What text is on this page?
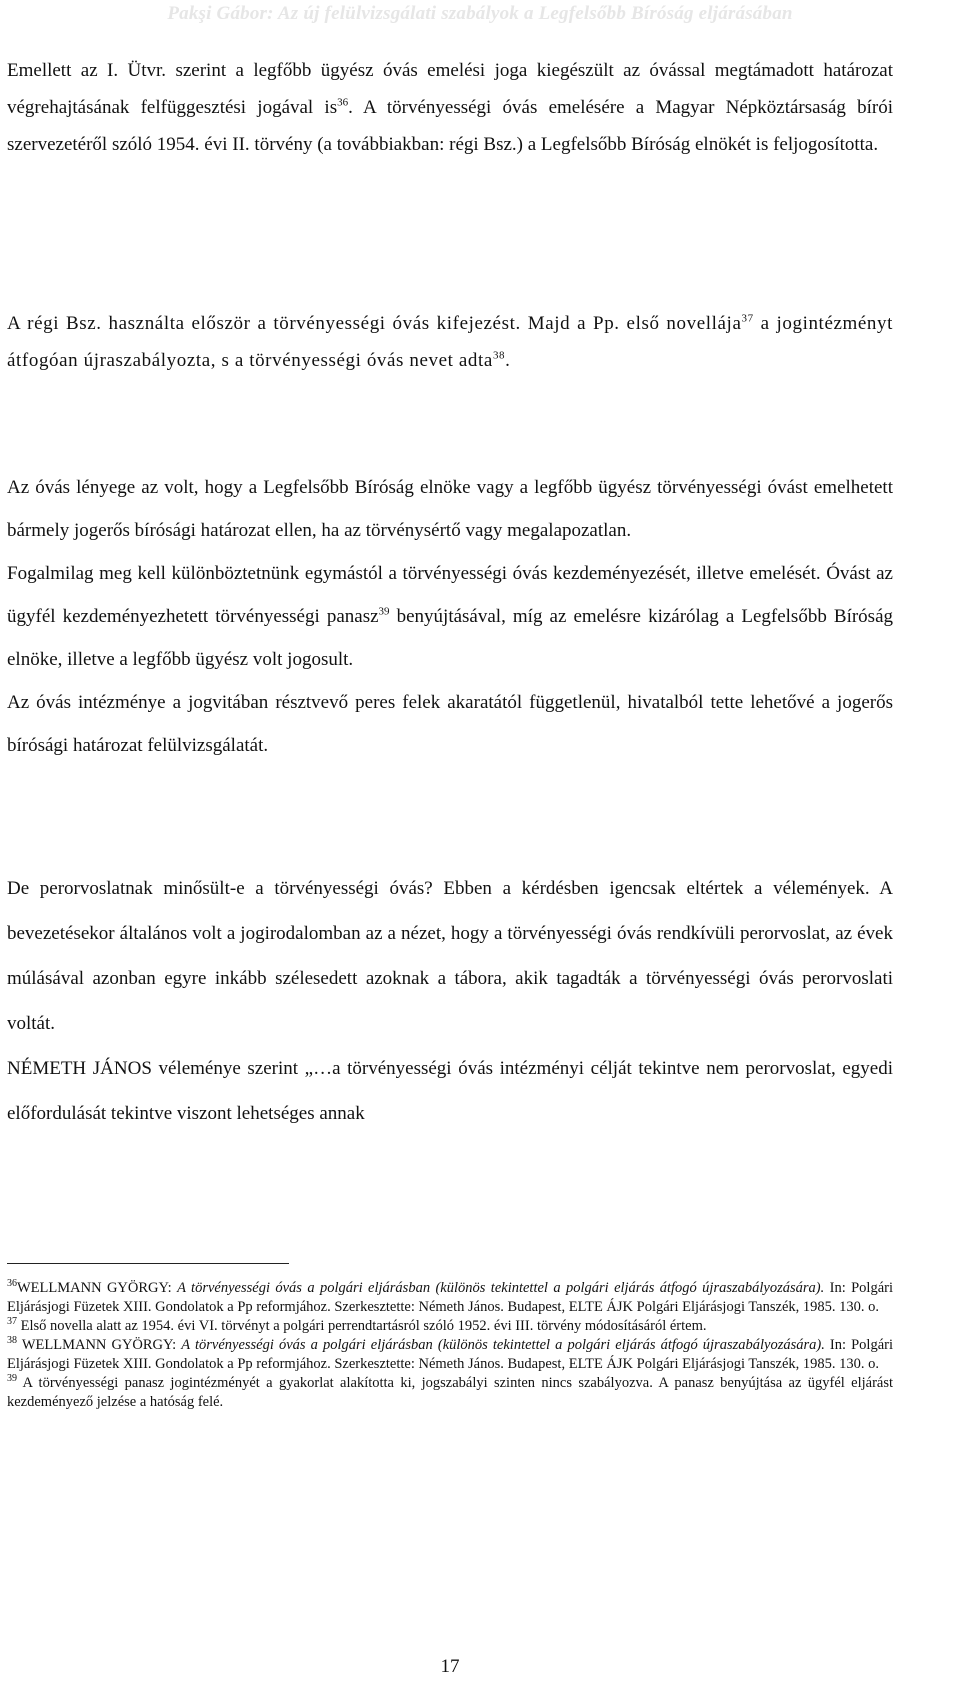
Pakşi Gábor: Az új felülvizsgálati szabályok a Legfelsőbb Bíróság eljárásában

Emellett az I. Ütvr. szerint a legfőbb ügyész óvás emelési joga kiegészült az óvással megtámadott határozat végrehajtásának felfüggesztési jogával $is^{36}$. A törvényességi óvás emelésére a Magyar Népköztársaság bírói szervezetéről szóló 1954. évi II. törvény (a továbbiakban: régi Bsz.) a Legfelsőbb Bíróság elnökét is feljogosította.

A régi Bsz. használta először a törvényességi óvás kifejezést. Majd a Pp. első novellája$^{37}$ a jogintézményt átfogóan újraszabályozta, s a törvényességi óvás nevet adta$^{38}$.

Az óvás lényege az volt, hogy a Legfelsőbb Bíróság elnöke vagy a legfőbb ügyész törvényességi óvást emelhetett bármely jogerős bírósági határozat ellen, ha az törvénysértő vagy megalapozatlan.

Fogalmilag meg kell különböztetnünk egymástól a törvényességi óvás kezdeményezését, illetve emelését. Óvást az ügyfél kezdeményezhetett törvényességi panasz$^{39}$ benyújtásával, míg az emelésre kizárólag a Legfelsőbb Bíróság elnöke, illetve a legfőbb ügyész volt jogosult.

Az óvás intézménye a jogvitában résztvevő peres felek akaratától függetlenül, hivatalból tette lehetővé a jogerős bírósági határozat felülvizsgálatát.

De perorvoslatnak minősült-e a törvényességi óvás? Ebben a kérdésben igencsak eltértek a vélemények. A bevezetésekor általános volt a jogirodalomban az a nézet, hogy a törvényességi óvás rendkívüli perorvoslat, az évek múlásával azonban egyre inkább szélesedett azoknak a tábora, akik tagadták a törvényességi óvás perorvoslati voltát.

NÉMETH JÁNOS véleménye szerint „…a törvényességi óvás intézményi célját tekintve nem perorvoslat, egyedi előfordulását tekintve viszont lehetséges annak

$^{36}$WELLMANN GYÖRGY: A törvényességi óvás a polgári eljárásban (különös tekintettel a polgári eljárás átfogó újraszabályozására). In: Polgári Eljárásjogi Füzetek XIII. Gondolatok a Pp reformjához. Szerkesztette: Németh János. Budapest, ELTE ÁJK Polgári Eljárásjogi Tanszék, 1985. 130. o.

$^{37}$ Első novella alatt az 1954. évi VI. törvényt a polgári perrendtartásról szóló 1952. évi III. törvény módosításáról értem.

$^{38}$ WELLMANN GYÖRGY: A törvényességi óvás a polgári eljárásban (különös tekintettel a polgári eljárás átfogó újraszabályozására). In: Polgári Eljárásjogi Füzetek XIII. Gondolatok a Pp reformjához. Szerkesztette: Németh János. Budapest, ELTE ÁJK Polgári Eljárásjogi Tanszék, 1985. 130. o.

$^{39}$ A törvényességi panasz jogintézményét a gyakorlat alakította ki, jogszabályi szinten nincs szabályozva. A panasz benyújtása az ügyfél eljárást kezdeményező jelzése a hatóság felé.

17
